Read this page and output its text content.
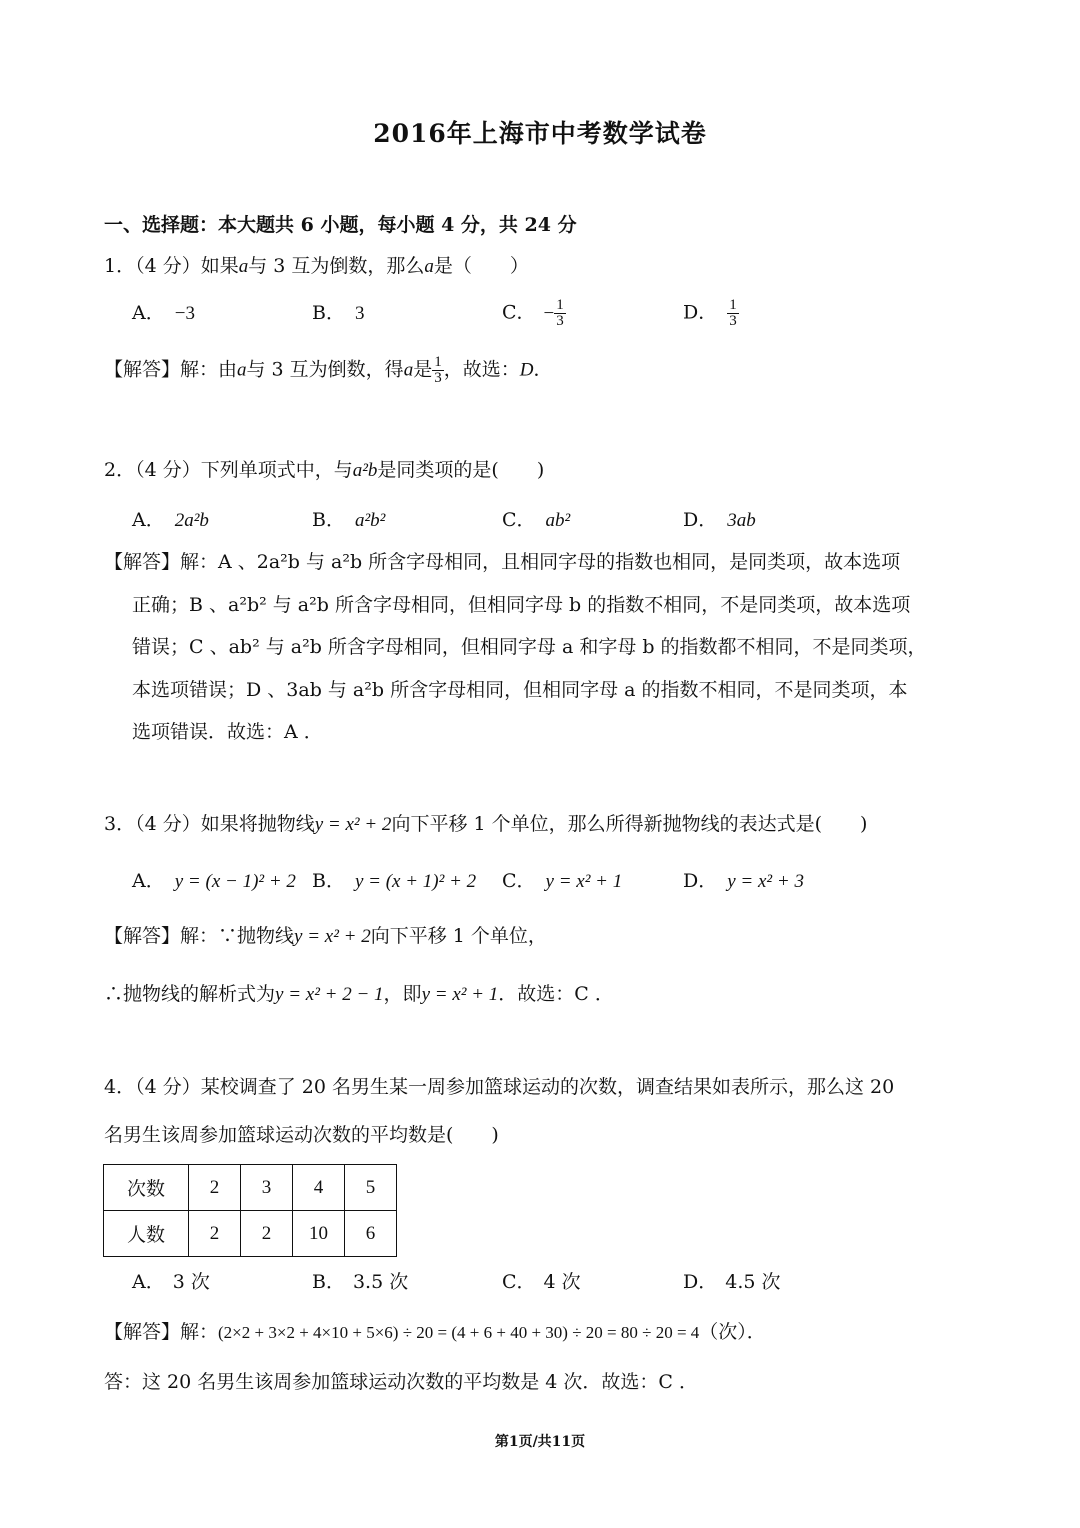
2016年上海市中考数学试卷
一、选择题：本大题共 6 小题，每小题 4 分，共 24 分
1．（4 分）如果a与 3 互为倒数，那么a是（　　）
A． −3	B． 3	C． − $\frac{1}{3}$	D． $\frac{1}{3}$
【解答】解：由a与 3 互为倒数，得a是 $\frac{1}{3}$ ，故选：D．
2．（4 分）下列单项式中，与a²b是同类项的是(　　)
A． 2a²b	B． a²b²	C． ab²	D． 3ab
【解答】解：A 、2a²b 与 a²b 所含字母相同，且相同字母的指数也相同，是同类项，故本选项
正确；B 、a²b² 与 a²b 所含字母相同，但相同字母 b 的指数不相同，不是同类项，故本选项
错误；C 、ab² 与 a²b 所含字母相同，但相同字母 a 和字母 b 的指数都不相同，不是同类项，
本选项错误；D 、3ab 与 a²b 所含字母相同，但相同字母 a 的指数不相同，不是同类项，本
选项错误．故选：A ．
3．（4 分）如果将抛物线y = x² + 2向下平移 1 个单位，那么所得新抛物线的表达式是(　　)
A． y = (x − 1)² + 2 B． y = (x + 1)² + 2 C． y = x² + 1	D． y = x² + 3
【解答】解：∵抛物线y = x² + 2向下平移 1 个单位，
∴抛物线的解析式为y = x² + 2 − 1，即y = x² + 1．故选：C ．
4．（4 分）某校调查了 20 名男生某一周参加篮球运动的次数，调查结果如表所示，那么这 20
名男生该周参加篮球运动次数的平均数是(　　)
次数	2	3	4	5
人数	2	2	10	6
A． 3 次	B． 3.5 次	C． 4 次	D． 4.5 次
【解答】解：(2×2 + 3×2 + 4×10 + 5×6) ÷ 20 = (4 + 6 + 40 + 30) ÷ 20 = 80 ÷ 20 = 4（次）．
答：这 20 名男生该周参加篮球运动次数的平均数是 4 次．故选：C ．
第1页/共11页
